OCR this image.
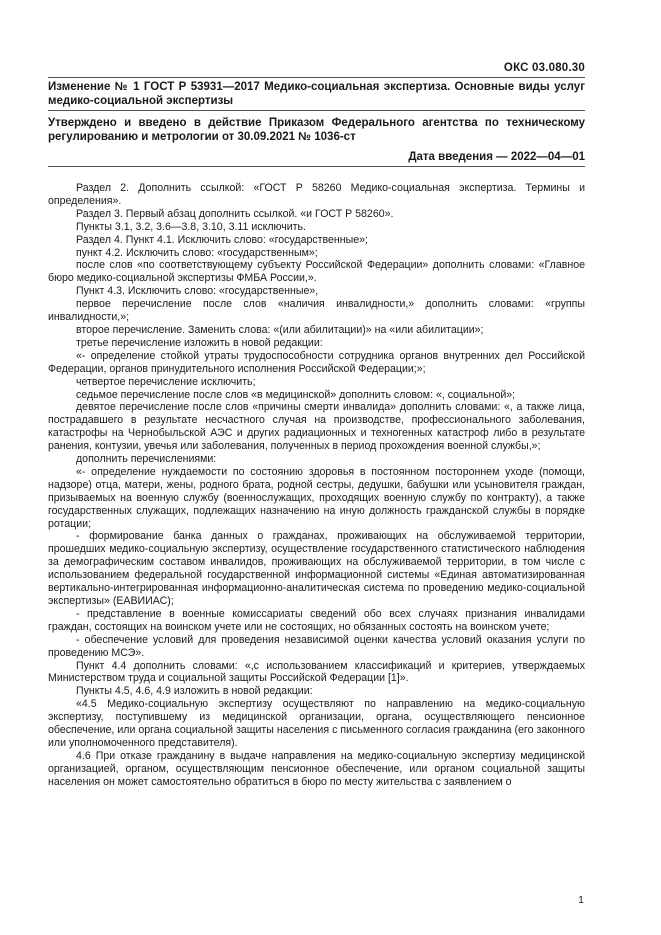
ОКС 03.080.30
Изменение № 1 ГОСТ Р 53931—2017 Медико-социальная экспертиза. Основные виды услуг медико-социальной экспертизы
Утверждено и введено в действие Приказом Федерального агентства по техническому регулированию и метрологии от 30.09.2021 № 1036-ст
Дата введения — 2022—04—01

Раздел 2. Дополнить ссылкой: «ГОСТ Р 58260 Медико-социальная экспертиза. Термины и определения».

Раздел 3. Первый абзац дополнить ссылкой. «и ГОСТ Р 58260».

Пункты 3.1, 3.2, 3.6—3.8, 3.10, 3.11 исключить.

Раздел 4. Пункт 4.1. Исключить слово: «государственные»;

пункт 4.2. Исключить слово: «государственным»;

после слов «по соответствующему субъекту Российской Федерации» дополнить словами: «Главное бюро медико-социальной экспертизы ФМБА России,».

Пункт 4.3. Исключить слово: «государственные»,

первое перечисление после слов «наличия инвалидности,» дополнить словами: «группы инвалидности,»;

второе перечисление. Заменить слова: «(или абилитации)» на «или абилитации»;

третье перечисление изложить в новой редакции:

«- определение стойкой утраты трудоспособности сотрудника органов внутренних дел Российской Федерации, органов принудительного исполнения Российской Федерации;»;

четвертое перечисление исключить;

седьмое перечисление после слов «в медицинской» дополнить словом: «, социальной»;

девятое перечисление после слов «причины смерти инвалида» дополнить словами: «, а также лица, пострадавшего в результате несчастного случая на производстве, профессионального заболевания, катастрофы на Чернобыльской АЭС и других радиационных и техногенных катастроф либо в результате ранения, контузии, увечья или заболевания, полученных в период прохождения военной службы,»;

дополнить перечислениями:

«- определение нуждаемости по состоянию здоровья в постоянном постороннем уходе (помощи, надзоре) отца, матери, жены, родного брата, родной сестры, дедушки, бабушки или усыновителя граждан, призываемых на военную службу (военнослужащих, проходящих военную службу по контракту), а также государственных служащих, подлежащих назначению на иную должность гражданской службы в порядке ротации;

- формирование банка данных о гражданах, проживающих на обслуживаемой территории, прошедших медико-социальную экспертизу, осуществление государственного статистического наблюдения за демографическим составом инвалидов, проживающих на обслуживаемой территории, в том числе с использованием федеральной государственной информационной системы «Единая автоматизированная вертикально-интегрированная информационно-аналитическая система по проведению медико-социальной экспертизы» (ЕАВИИАС);

- представление в военные комиссариаты сведений обо всех случаях признания инвалидами граждан, состоящих на воинском учете или не состоящих, но обязанных состоять на воинском учете;

- обеспечение условий для проведения независимой оценки качества условий оказания услуги по проведению МСЭ».

Пункт 4.4 дополнить словами: «,с использованием классификаций и критериев, утверждаемых Министерством труда и социальной защиты Российской Федерации [1]».

Пункты 4.5, 4.6, 4.9 изложить в новой редакции:

«4.5 Медико-социальную экспертизу осуществляют по направлению на медико-социальную экспертизу, поступившему из медицинской организации, органа, осуществляющего пенсионное обеспечение, или органа социальной защиты населения с письменного согласия гражданина (его законного или уполномоченного представителя).

4.6 При отказе гражданину в выдаче направления на медико-социальную экспертизу медицинской организацией, органом, осуществляющим пенсионное обеспечение, или органом социальной защиты населения он может самостоятельно обратиться в бюро по месту жительства с заявлением о

1
